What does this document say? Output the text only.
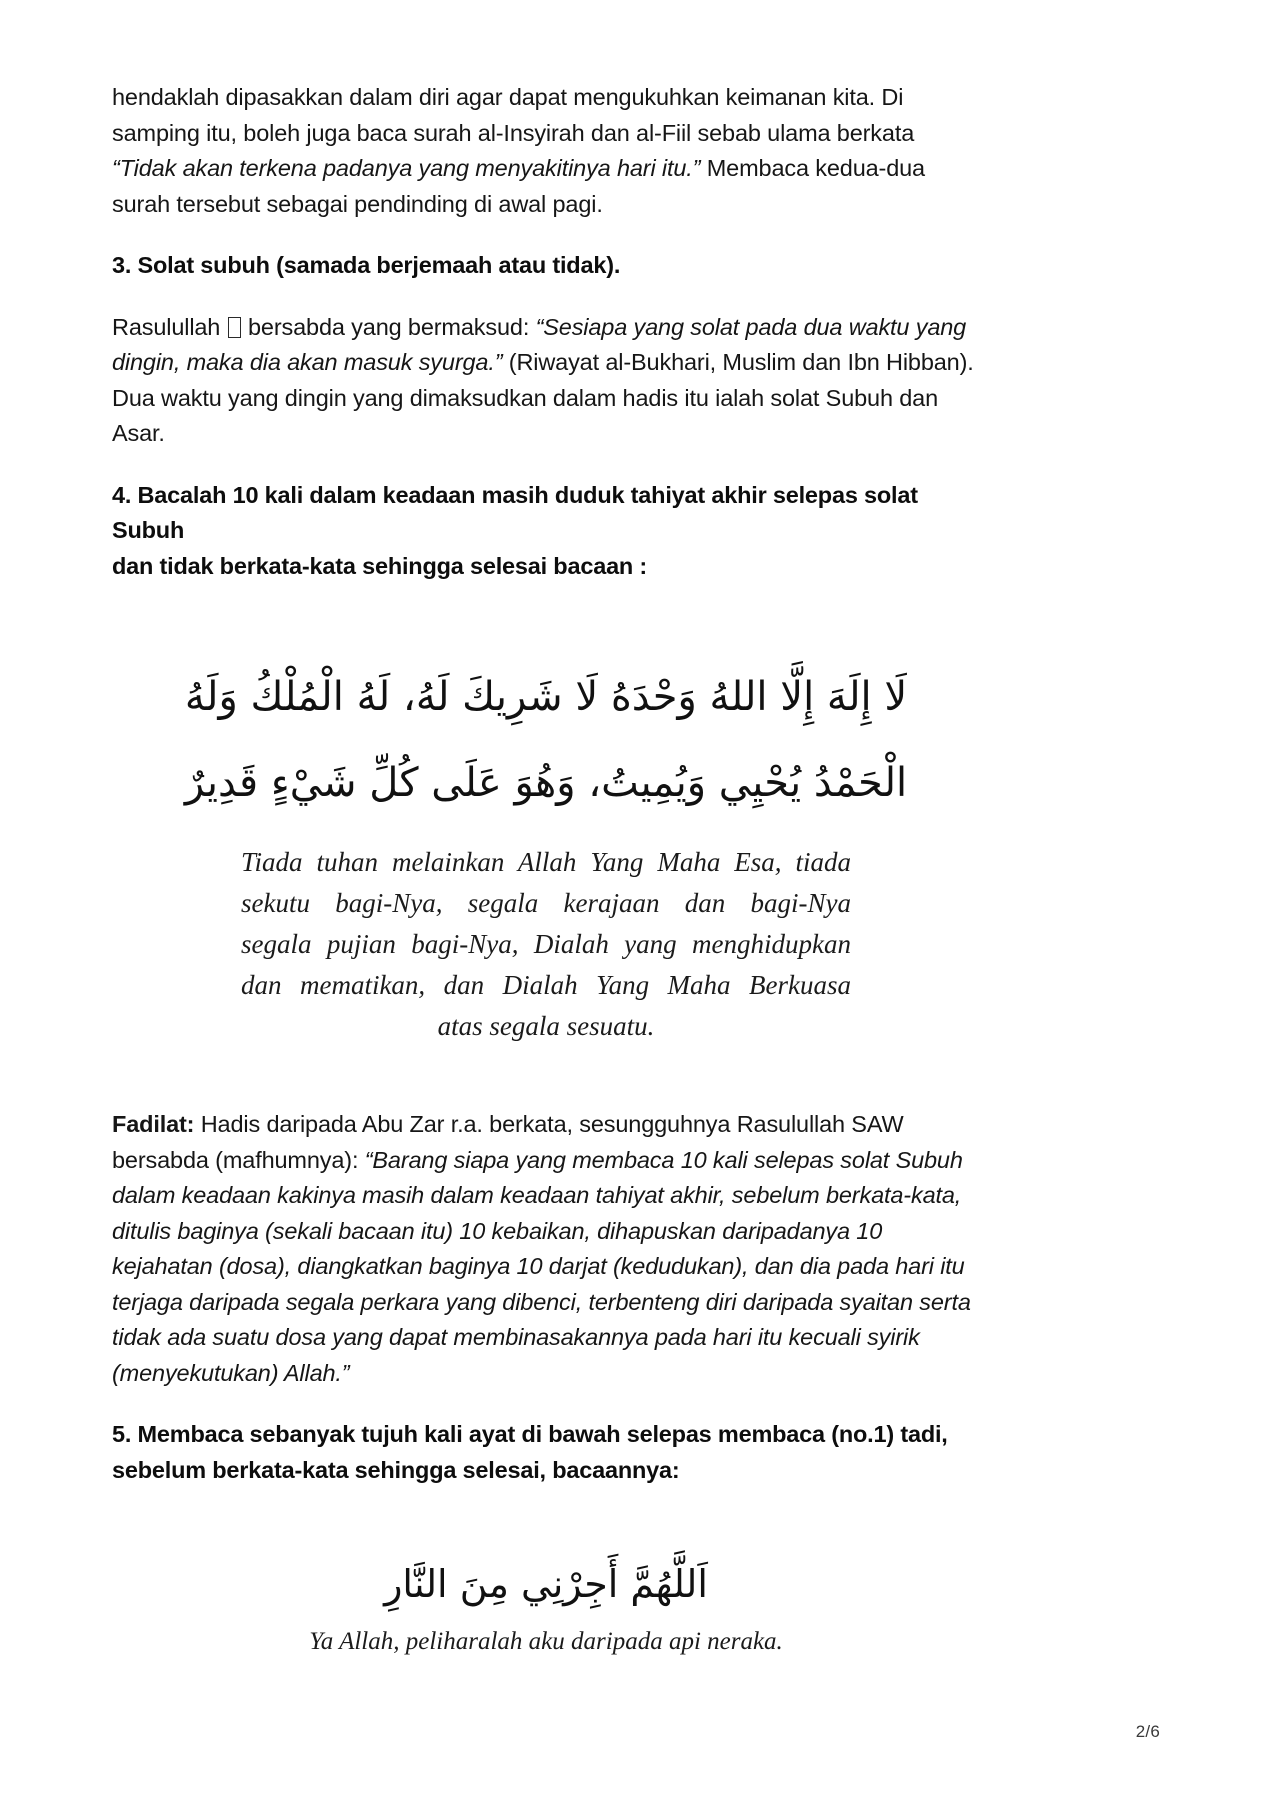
hendaklah dipasakkan dalam diri agar dapat mengukuhkan keimanan kita. Di samping itu, boleh juga baca surah al-Insyirah dan al-Fiil sebab ulama berkata “Tidak akan terkena padanya yang menyakitinya hari itu.” Membaca kedua-dua surah tersebut sebagai pendinding di awal pagi.

3. Solat subuh (samada berjemaah atau tidak).

Rasulullah  bersabda yang bermaksud: “Sesiapa yang solat pada dua waktu yang dingin, maka dia akan masuk syurga.” (Riwayat al-Bukhari, Muslim dan Ibn Hibban). Dua waktu yang dingin yang dimaksudkan dalam hadis itu ialah solat Subuh dan Asar.

4. Bacalah 10 kali dalam keadaan masih duduk tahiyat akhir selepas solat Subuh
dan tidak berkata-kata sehingga selesai bacaan :

لَا إِلَهَ إِلَّا اللهُ وَحْدَهُ لَا شَرِيكَ لَهُ، لَهُ الْمُلْكُ وَلَهُ
الْحَمْدُ يُحْيِي وَيُمِيتُ، وَهُوَ عَلَى كُلِّ شَيْءٍ قَدِيرٌ
Tiada tuhan melainkan Allah Yang Maha Esa, tiada
sekutu bagi-Nya, segala kerajaan dan bagi-Nya
segala pujian bagi-Nya, Dialah yang menghidupkan
dan mematikan, dan Dialah Yang Maha Berkuasa
atas segala sesuatu.

Fadilat: Hadis daripada Abu Zar r.a. berkata, sesungguhnya Rasulullah SAW bersabda (mafhumnya): “Barang siapa yang membaca 10 kali selepas solat Subuh dalam keadaan kakinya masih dalam keadaan tahiyat akhir, sebelum berkata-kata, ditulis baginya (sekali bacaan itu) 10 kebaikan, dihapuskan daripadanya 10 kejahatan (dosa), diangkatkan baginya 10 darjat (kedudukan), dan dia pada hari itu terjaga daripada segala perkara yang dibenci, terbenteng diri daripada syaitan serta tidak ada suatu dosa yang dapat membinasakannya pada hari itu kecuali syirik (menyekutukan) Allah.”

5. Membaca sebanyak tujuh kali ayat di bawah selepas membaca (no.1) tadi,
sebelum berkata-kata sehingga selesai, bacaannya:

اَللَّهُمَّ أَجِرْنِي مِنَ النَّارِ
Ya Allah, peliharalah aku daripada api neraka.
2/6
